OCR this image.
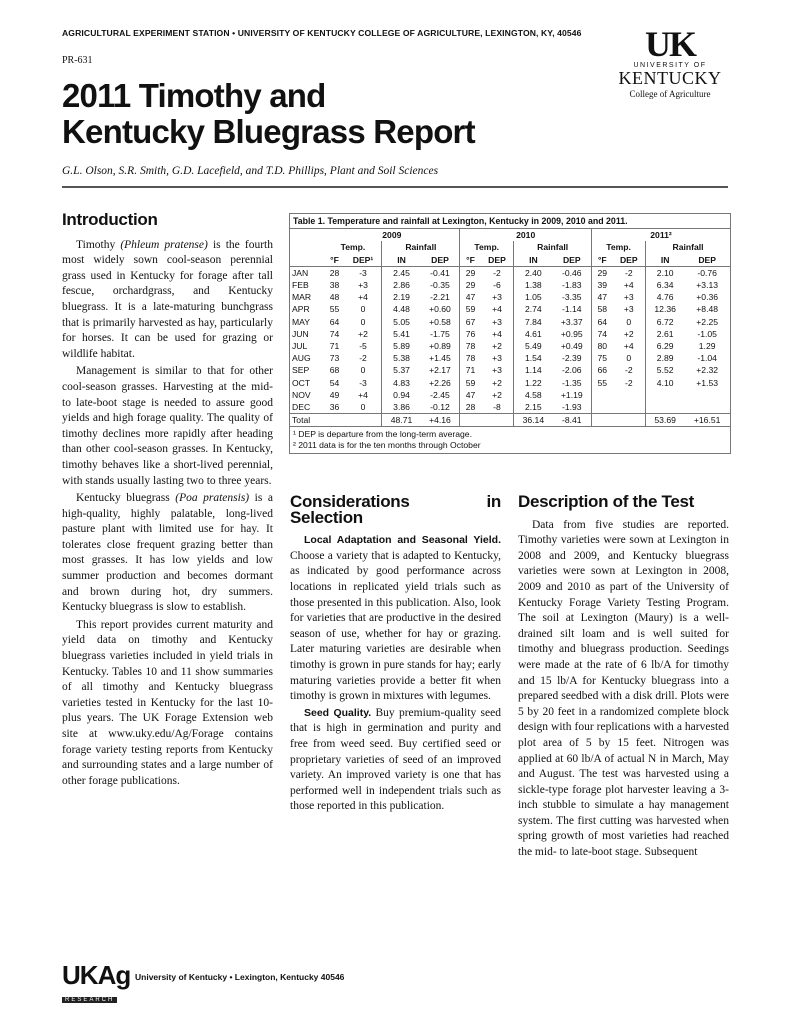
AGRICULTURAL EXPERIMENT STATION • UNIVERSITY OF KENTUCKY COLLEGE OF AGRICULTURE, LEXINGTON, KY, 40546
PR-631	UK
UNIVERSITY OF
KENTUCKY
College of Agriculture
2011 Timothy and
Kentucky Bluegrass Report
G.L. Olson, S.R. Smith, G.D. Lacefield, and T.D. Phillips, Plant and Soil Sciences
Introduction

Timothy (Phleum pratense) is the fourth most widely sown cool-season perennial grass used in Kentucky for forage after tall fescue, orchardgrass, and Kentucky bluegrass. It is a late-maturing bunchgrass that is primarily harvested as hay, particularly for horses. It can be used for grazing or wildlife habitat.

Management is similar to that for other cool-season grasses. Harvesting at the mid- to late-boot stage is needed to assure good yields and high forage quality. The quality of timothy declines more rapidly after heading than other cool-season grasses. In Kentucky, timothy behaves like a short-lived perennial, with stands usually lasting two to three years.

Kentucky bluegrass (Poa pratensis) is a high-quality, highly palatable, long-lived pasture plant with limited use for hay. It tolerates close frequent grazing better than most grasses. It has low yields and low summer production and becomes dormant and brown during hot, dry summers. Kentucky bluegrass is slow to establish.

This report provides current maturity and yield data on timothy and Kentucky bluegrass varieties included in yield trials in Kentucky. Tables 10 and 11 show summaries of all timothy and Kentucky bluegrass varieties tested in Kentucky for the last 10-plus years. The UK Forage Extension web site at www.uky.edu/Ag/Forage contains forage variety testing reports from Kentucky and surrounding states and a large number of other forage publications.

Table 1. Temperature and rainfall at Lexington, Kentucky in 2009, 2010 and 2011.												
	2009				2010				2011²			
	Temp.		Rainfall		Temp.		Rainfall		Temp.		Rainfall	
	°F	DEP¹	IN	DEP	°F	DEP	IN	DEP	°F	DEP	IN	DEP
JAN	28	-3	2.45	-0.41	29	-2	2.40	-0.46	29	-2	2.10	-0.76
FEB	38	+3	2.86	-0.35	29	-6	1.38	-1.83	39	+4	6.34	+3.13
MAR	48	+4	2.19	-2.21	47	+3	1.05	-3.35	47	+3	4.76	+0.36
APR	55	0	4.48	+0.60	59	+4	2.74	-1.14	58	+3	12.36	+8.48
MAY	64	0	5.05	+0.58	67	+3	7.84	+3.37	64	0	6.72	+2.25
JUN	74	+2	5.41	-1.75	76	+4	4.61	+0.95	74	+2	2.61	-1.05
JUL	71	-5	5.89	+0.89	78	+2	5.49	+0.49	80	+4	6.29	1.29
AUG	73	-2	5.38	+1.45	78	+3	1.54	-2.39	75	0	2.89	-1.04
SEP	68	0	5.37	+2.17	71	+3	1.14	-2.06	66	-2	5.52	+2.32
OCT	54	-3	4.83	+2.26	59	+2	1.22	-1.35	55	-2	4.10	+1.53
NOV	49	+4	0.94	-2.45	47	+2	4.58	+1.19				
DEC	36	0	3.86	-0.12	28	-8	2.15	-1.93				
Total			48.71	+4.16			36.14	-8.41			53.69	+16.51
¹ DEP is departure from the long-term average.
² 2011 data is for the ten months through October
Considerations in Selection

Local Adaptation and Seasonal Yield. Choose a variety that is adapted to Kentucky, as indicated by good performance across locations in replicated yield trials such as those presented in this publication. Also, look for varieties that are productive in the desired season of use, whether for hay or grazing. Later maturing varieties are desirable when timothy is grown in pure stands for hay; early maturing varieties provide a better fit when timothy is grown in mixtures with legumes.

Seed Quality. Buy premium-quality seed that is high in germination and purity and free from weed seed. Buy certified seed or proprietary varieties of seed of an improved variety. An improved variety is one that has performed well in independent trials such as those reported in this publication.

Description of the Test

Data from five studies are reported. Timothy varieties were sown at Lexington in 2008 and 2009, and Kentucky bluegrass varieties were sown at Lexington in 2008, 2009 and 2010 as part of the University of Kentucky Forage Variety Testing Program. The soil at Lexington (Maury) is a well-drained silt loam and is well suited for timothy and bluegrass production. Seedings were made at the rate of 6 lb/A for timothy and 15 lb/A for Kentucky bluegrass into a prepared seedbed with a disk drill. Plots were 5 by 20 feet in a randomized complete block design with four replications with a harvested plot area of 5 by 15 feet. Nitrogen was applied at 60 lb/A of actual N in March, May and August. The test was harvested using a sickle-type forage plot harvester leaving a 3-inch stubble to simulate a hay management system. The first cutting was harvested when spring growth of most varieties had reached the mid- to late-boot stage. Subsequent

UKAg
RESEARCH
University of Kentucky • Lexington, Kentucky 40546
